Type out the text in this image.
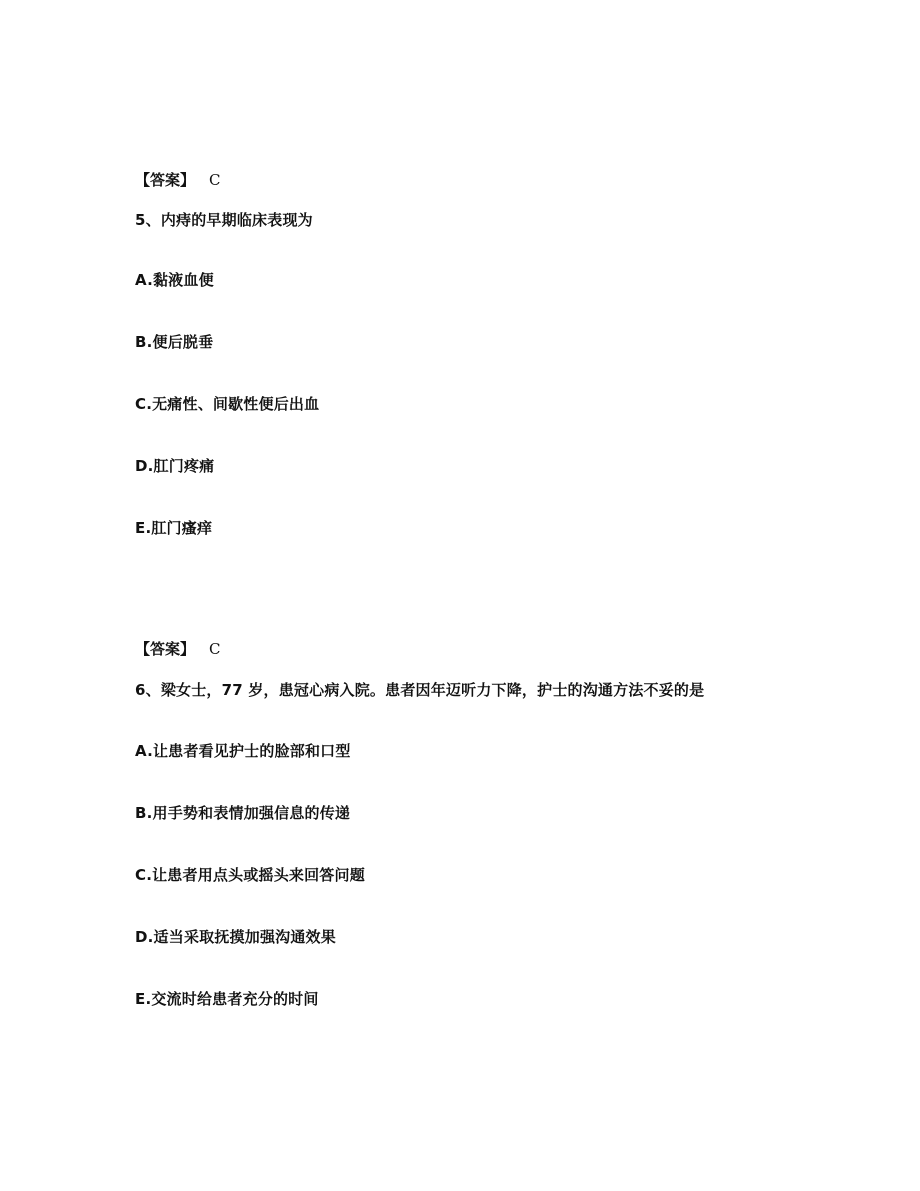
【答案】 C
5、内痔的早期临床表现为
A.黏液血便
B.便后脱垂
C.无痛性、间歇性便后出血
D.肛门疼痛
E.肛门瘙痒
【答案】 C
6、梁女士，77 岁，患冠心病入院。患者因年迈听力下降，护士的沟通方法不妥的是
A.让患者看见护士的脸部和口型
B.用手势和表情加强信息的传递
C.让患者用点头或摇头来回答问题
D.适当采取抚摸加强沟通效果
E.交流时给患者充分的时间
